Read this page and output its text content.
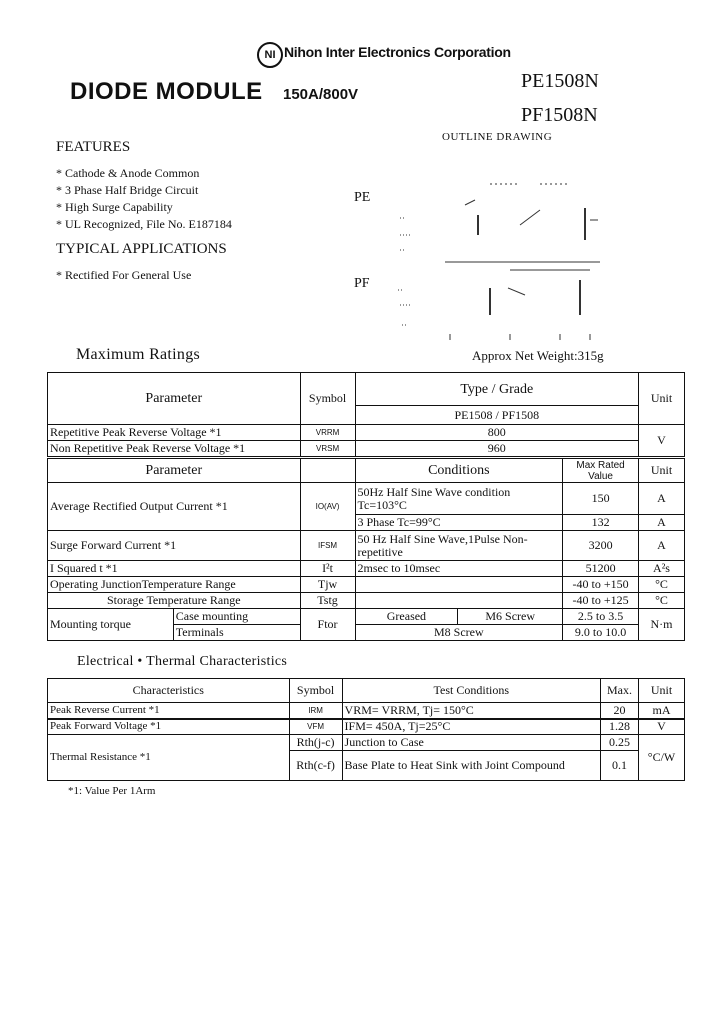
NI Nihon Inter Electronics Corporation
DIODE MODULE 150A/800V
PE1508N
PF1508N
FEATURES
* Cathode & Anode Common
* 3 Phase Half Bridge Circuit
* High Surge Capability
* UL Recognized, File No. E187184
TYPICAL APPLICATIONS
* Rectified For General Use
OUTLINE DRAWING
PE
PF
Maximum Ratings	Approx Net Weight:315g
Parameter	Symbol	Type / Grade	Unit
		PE1508 / PF1508	
Repetitive Peak Reverse Voltage *1	VRRM	800	V
Non Repetitive Peak Reverse Voltage *1	VRSM	960	
Parameter			Conditions		Max Rated Value	Unit
Average Rectified Output Current *1		IO(AV)	50Hz Half Sine Wave condition Tc=103°C		150	A
			3 Phase Tc=99°C		132	A
Surge Forward Current *1		IFSM	50 Hz Half Sine Wave,1Pulse Non-repetitive		3200	A
I Squared t *1		I²t	2msec to 10msec		51200	A²s
Operating JunctionTemperature Range		Tjw			-40 to +150	°C
Storage Temperature Range		Tstg			-40 to +125	°C
Mounting torque	Case mounting	Ftor	Greased	M6 Screw	2.5 to 3.5	N·m
	Terminals		M8 Screw		9.0 to 10.0	
Electrical • Thermal Characteristics
Characteristics	Symbol	Test Conditions	Max.	Unit
Peak Reverse Current *1	IRM	VRM= VRRM, Tj= 150°C	20	mA
Peak Forward Voltage *1	VFM	IFM= 450A, Tj=25°C	1.28	V
Thermal Resistance *1	Rth(j-c)	Junction to Case	0.25	°C/W
	Rth(c-f)	Base Plate to Heat Sink with Joint Compound	0.1	
*1: Value Per 1Arm
